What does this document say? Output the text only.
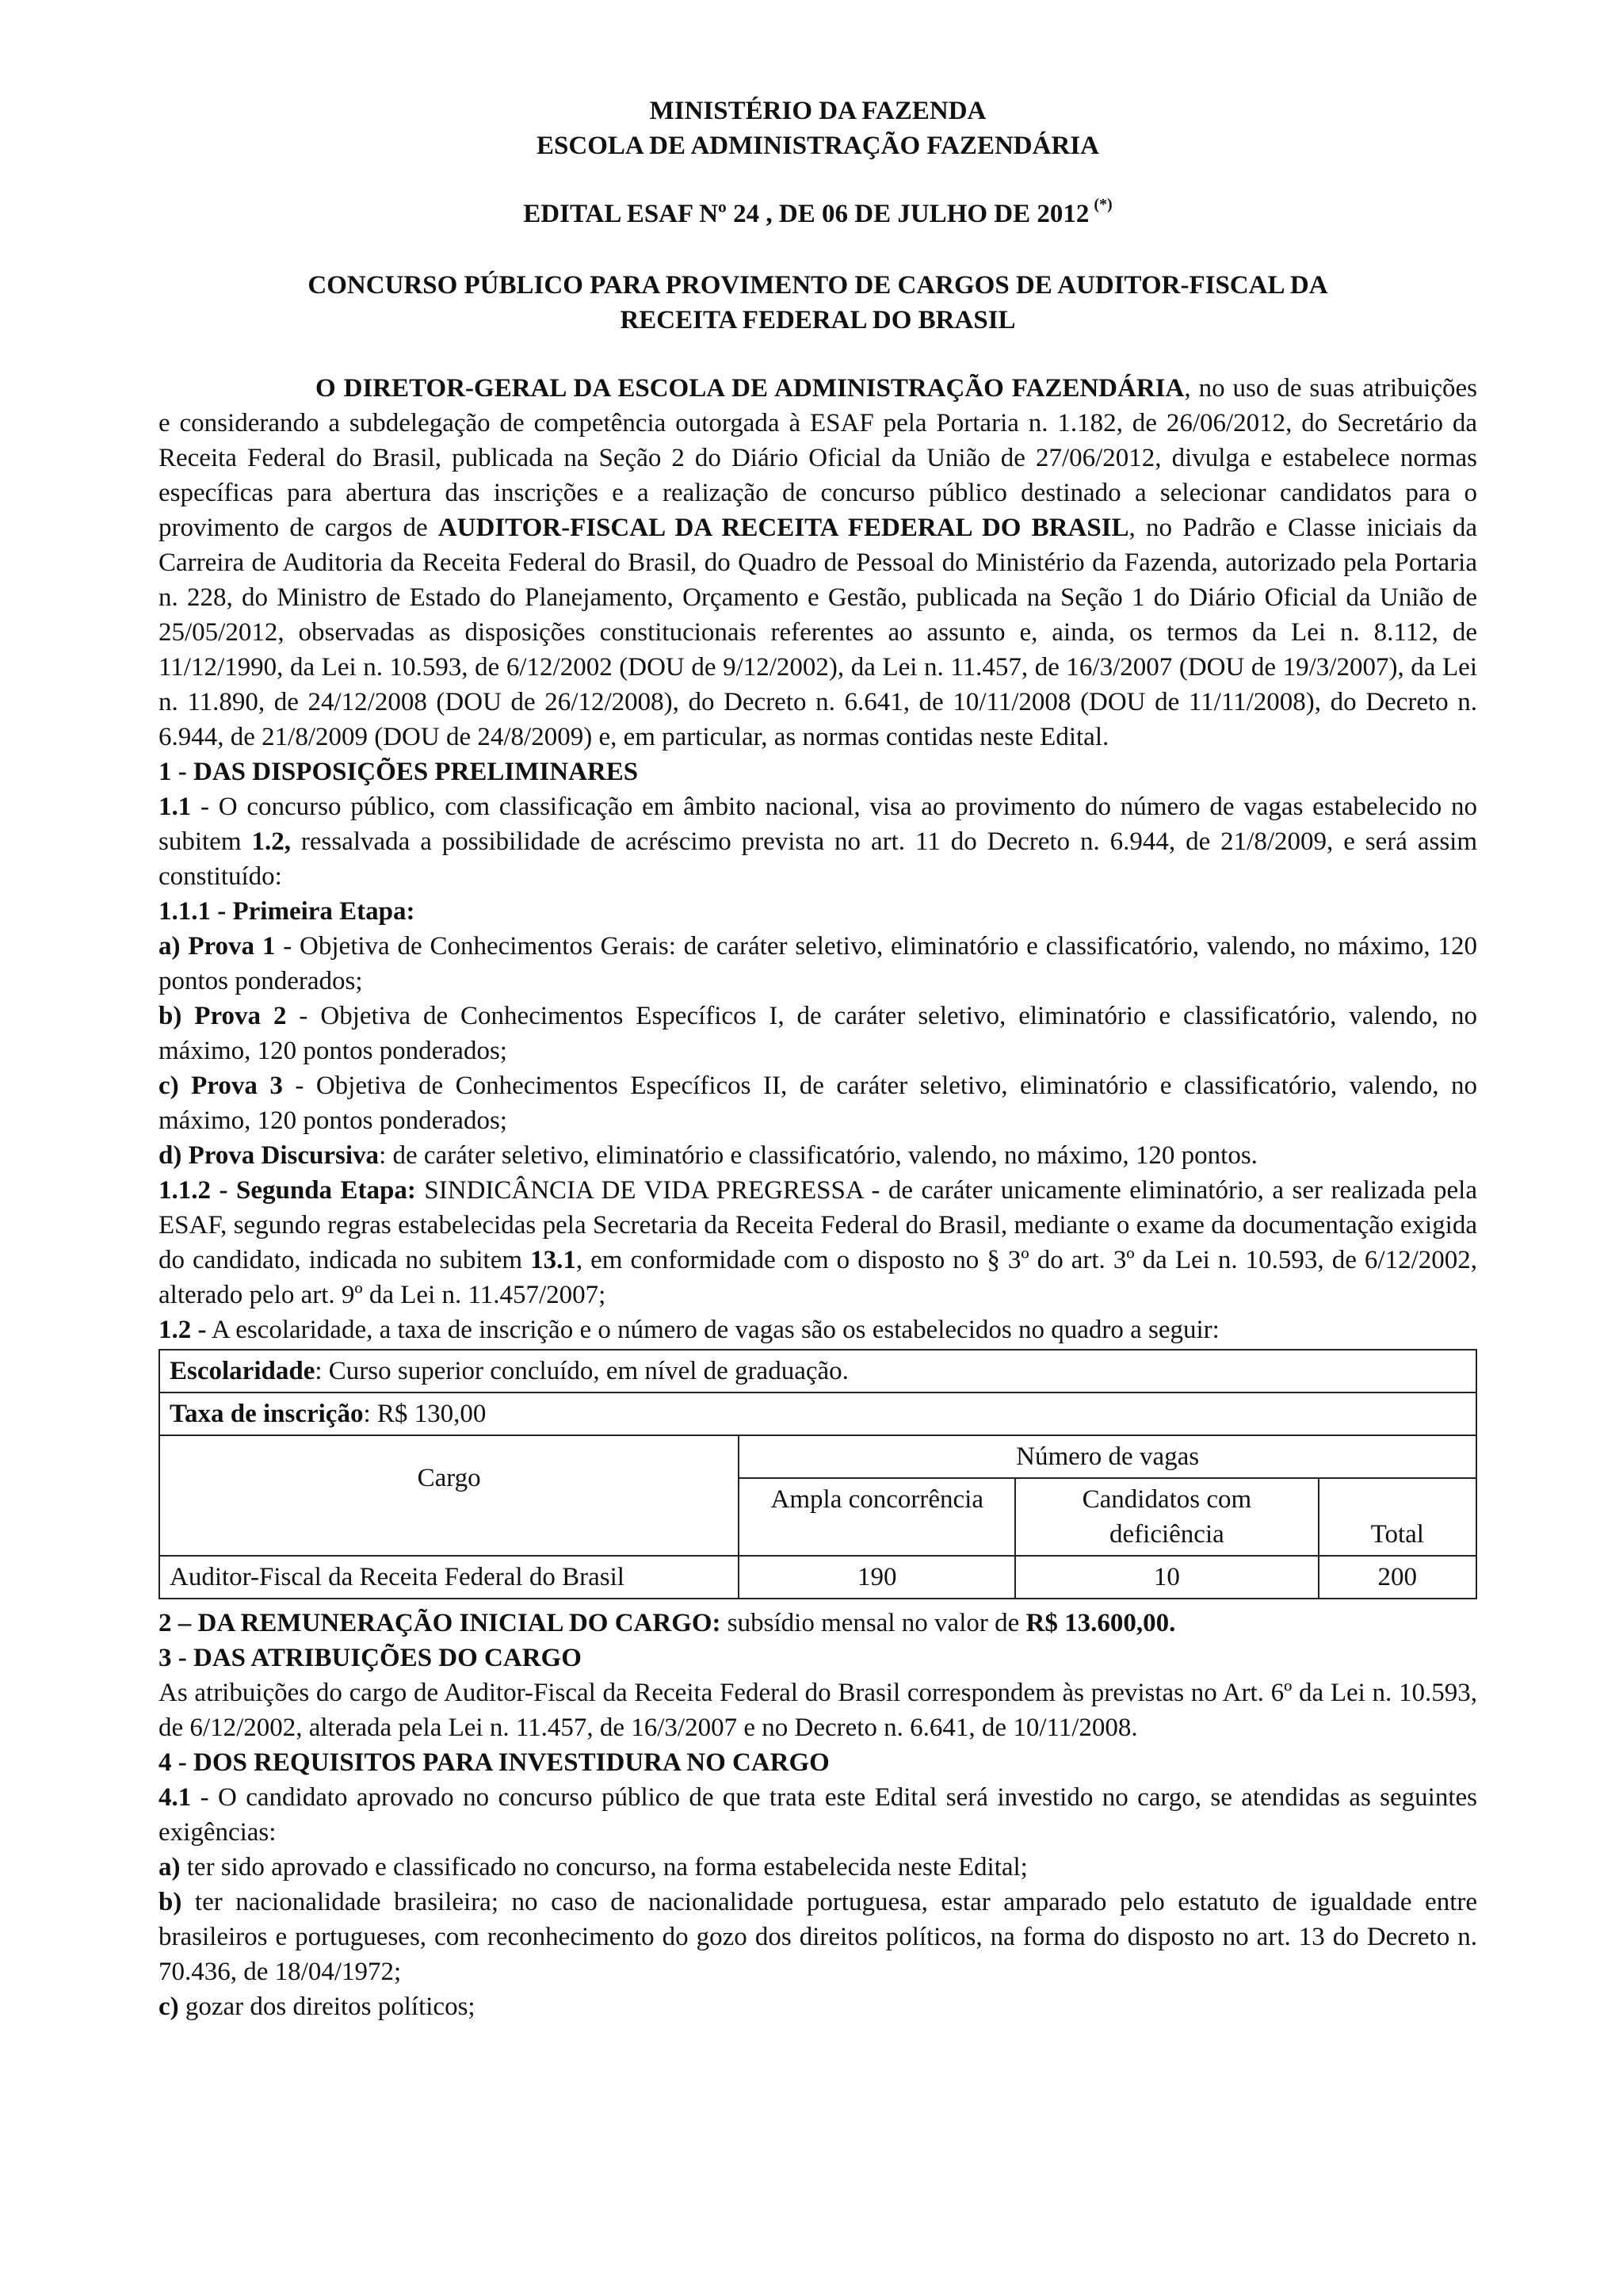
MINISTÉRIO DA FAZENDA
ESCOLA DE ADMINISTRAÇÃO FAZENDÁRIA
EDITAL ESAF Nº 24 , DE 06 DE JULHO DE 2012 (*)
CONCURSO PÚBLICO PARA PROVIMENTO DE CARGOS DE AUDITOR-FISCAL DA
RECEITA FEDERAL DO BRASIL

O DIRETOR-GERAL DA ESCOLA DE ADMINISTRAÇÃO FAZENDÁRIA, no uso de suas atribuições e considerando a subdelegação de competência outorgada à ESAF pela Portaria n. 1.182, de 26/06/2012, do Secretário da Receita Federal do Brasil, publicada na Seção 2 do Diário Oficial da União de 27/06/2012, divulga e estabelece normas específicas para abertura das inscrições e a realização de concurso público destinado a selecionar candidatos para o provimento de cargos de AUDITOR-FISCAL DA RECEITA FEDERAL DO BRASIL, no Padrão e Classe iniciais da Carreira de Auditoria da Receita Federal do Brasil, do Quadro de Pessoal do Ministério da Fazenda, autorizado pela Portaria n. 228, do Ministro de Estado do Planejamento, Orçamento e Gestão, publicada na Seção 1 do Diário Oficial da União de 25/05/2012, observadas as disposições constitucionais referentes ao assunto e, ainda, os termos da Lei n. 8.112, de 11/12/1990, da Lei n. 10.593, de 6/12/2002 (DOU de 9/12/2002), da Lei n. 11.457, de 16/3/2007 (DOU de 19/3/2007), da Lei n. 11.890, de 24/12/2008 (DOU de 26/12/2008), do Decreto n. 6.641, de 10/11/2008 (DOU de 11/11/2008), do Decreto n. 6.944, de 21/8/2009 (DOU de 24/8/2009) e, em particular, as normas contidas neste Edital.

1 - DAS DISPOSIÇÕES PRELIMINARES

1.1 - O concurso público, com classificação em âmbito nacional, visa ao provimento do número de vagas estabelecido no subitem 1.2, ressalvada a possibilidade de acréscimo prevista no art. 11 do Decreto n. 6.944, de 21/8/2009, e será assim constituído:

1.1.1 - Primeira Etapa:

a) Prova 1 - Objetiva de Conhecimentos Gerais: de caráter seletivo, eliminatório e classificatório, valendo, no máximo, 120 pontos ponderados;

b) Prova 2 - Objetiva de Conhecimentos Específicos I, de caráter seletivo, eliminatório e classificatório, valendo, no máximo, 120 pontos ponderados;

c) Prova 3 - Objetiva de Conhecimentos Específicos II, de caráter seletivo, eliminatório e classificatório, valendo, no máximo, 120 pontos ponderados;

d) Prova Discursiva: de caráter seletivo, eliminatório e classificatório, valendo, no máximo, 120 pontos.

1.1.2 - Segunda Etapa: SINDICÂNCIA DE VIDA PREGRESSA - de caráter unicamente eliminatório, a ser realizada pela ESAF, segundo regras estabelecidas pela Secretaria da Receita Federal do Brasil, mediante o exame da documentação exigida do candidato, indicada no subitem 13.1, em conformidade com o disposto no § 3º do art. 3º da Lei n. 10.593, de 6/12/2002, alterado pelo art. 9º da Lei n. 11.457/2007;

1.2 - A escolaridade, a taxa de inscrição e o número de vagas são os estabelecidos no quadro a seguir:

Escolaridade: Curso superior concluído, em nível de graduação.			
Taxa de inscrição: R$ 130,00			
Cargo	Número de vagas		
	Ampla concorrência	Candidatos com deficiência	Total
Auditor-Fiscal da Receita Federal do Brasil	190	10	200

2 – DA REMUNERAÇÃO INICIAL DO CARGO: subsídio mensal no valor de R$ 13.600,00.

3 - DAS ATRIBUIÇÕES DO CARGO

As atribuições do cargo de Auditor-Fiscal da Receita Federal do Brasil correspondem às previstas no Art. 6º da Lei n. 10.593, de 6/12/2002, alterada pela Lei n. 11.457, de 16/3/2007 e no Decreto n. 6.641, de 10/11/2008.

4 - DOS REQUISITOS PARA INVESTIDURA NO CARGO

4.1 - O candidato aprovado no concurso público de que trata este Edital será investido no cargo, se atendidas as seguintes exigências:

a) ter sido aprovado e classificado no concurso, na forma estabelecida neste Edital;

b) ter nacionalidade brasileira; no caso de nacionalidade portuguesa, estar amparado pelo estatuto de igualdade entre brasileiros e portugueses, com reconhecimento do gozo dos direitos políticos, na forma do disposto no art. 13 do Decreto n. 70.436, de 18/04/1972;

c) gozar dos direitos políticos;
